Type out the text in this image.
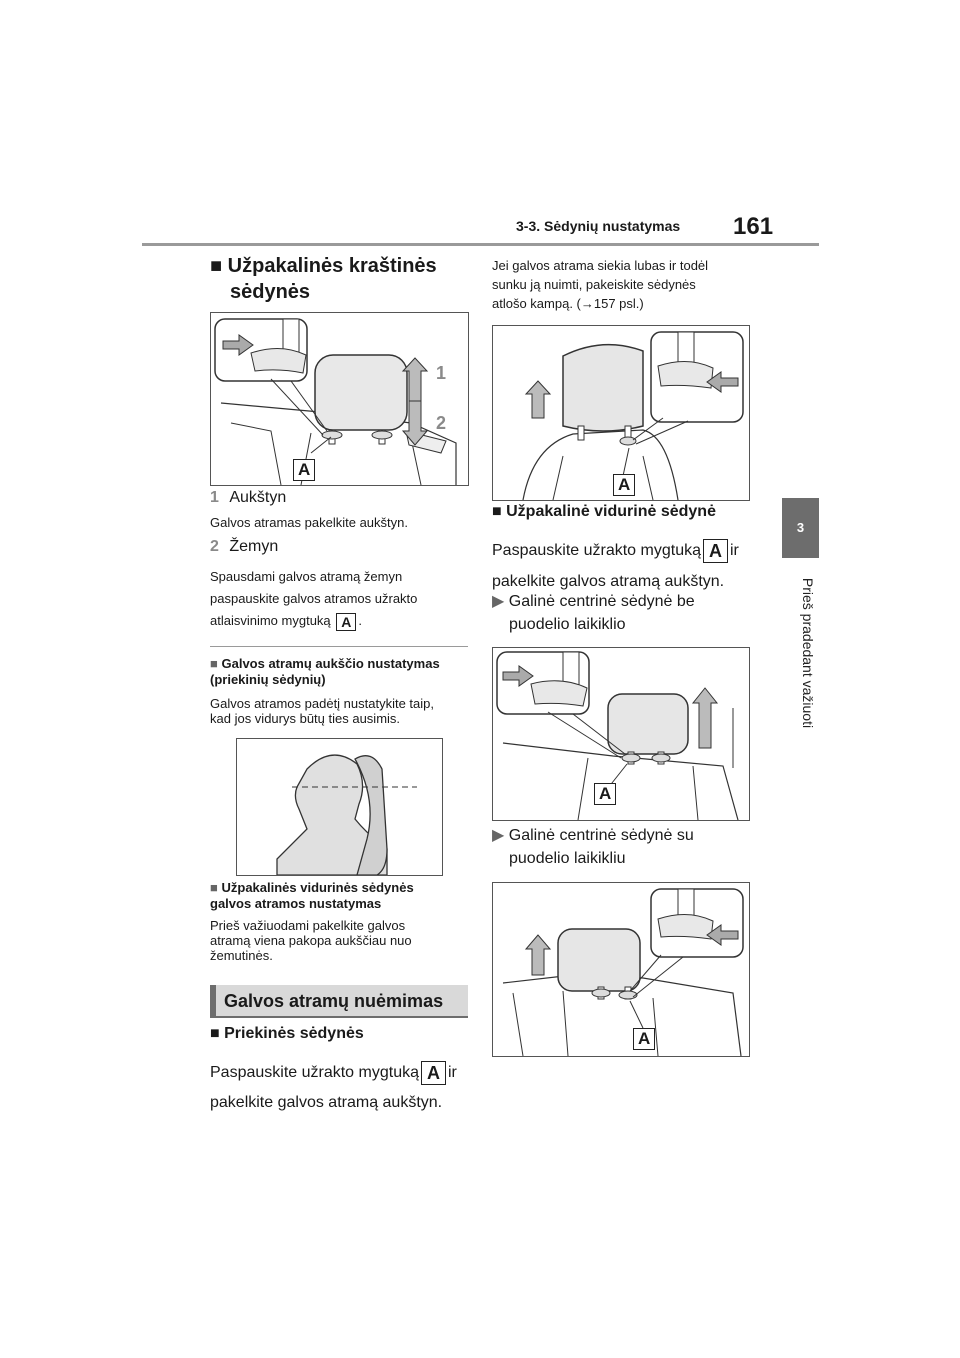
3-3. Sėdynių nustatymas 161
3
Prieš pradedant važiuoti
■ Užpakalinės kraštinės
sėdynės
A
1
2
1 Aukštyn
Galvos atramas pakelkite aukštyn.
2 Žemyn
Spausdami galvos atramą žemyn
paspauskite galvos atramos užrakto
atlaisvinimo mygtuką A .
■ Galvos atramų aukščio nustatymas
(priekinių sėdynių)
Galvos atramos padėtį nustatykite taip,
kad jos vidurys būtų ties ausimis.
■ Užpakalinės vidurinės sėdynės
galvos atramos nustatymas
Prieš važiuodami pakelkite galvos
atramą viena pakopa aukščiau nuo
žemutinės.
Galvos atramų nuėmimas
■ Priekinės sėdynės
Paspauskite užrakto mygtuką A ir
pakelkite galvos atramą aukštyn.
Jei galvos atrama siekia lubas ir todėl
sunku ją nuimti, pakeiskite sėdynės
atlošo kampą. (→157 psl.)
A
■ Užpakalinė vidurinė sėdynė
Paspauskite užrakto mygtuką A ir
pakelkite galvos atramą aukštyn.
▶ Galinė centrinė sėdynė be
puodelio laikiklio
A
▶ Galinė centrinė sėdynė su
puodelio laikikliu
A
